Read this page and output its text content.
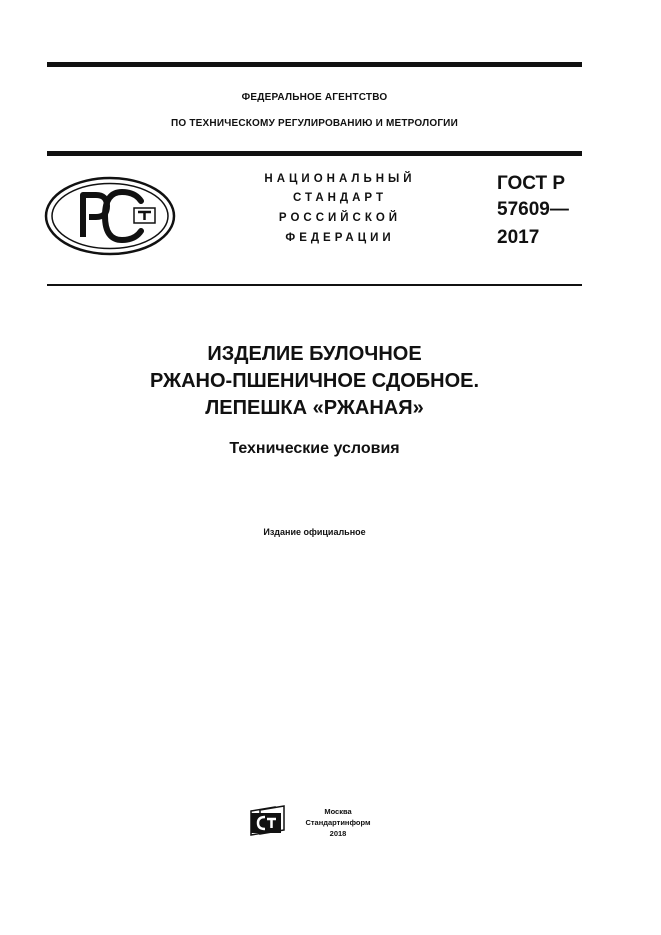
ФЕДЕРАЛЬНОЕ АГЕНТСТВО
ПО ТЕХНИЧЕСКОМУ РЕГУЛИРОВАНИЮ И МЕТРОЛОГИИ
НАЦИОНАЛЬНЫЙ
СТАНДАРТ
РОССИЙСКОЙ
ФЕДЕРАЦИИ
ГОСТ Р
57609—
2017
ИЗДЕЛИЕ БУЛОЧНОЕ
РЖАНО-ПШЕНИЧНОЕ СДОБНОЕ.
ЛЕПЕШКА «РЖАНАЯ»
Технические условия
Издание официальное
Москва
Стандартинформ
2018
